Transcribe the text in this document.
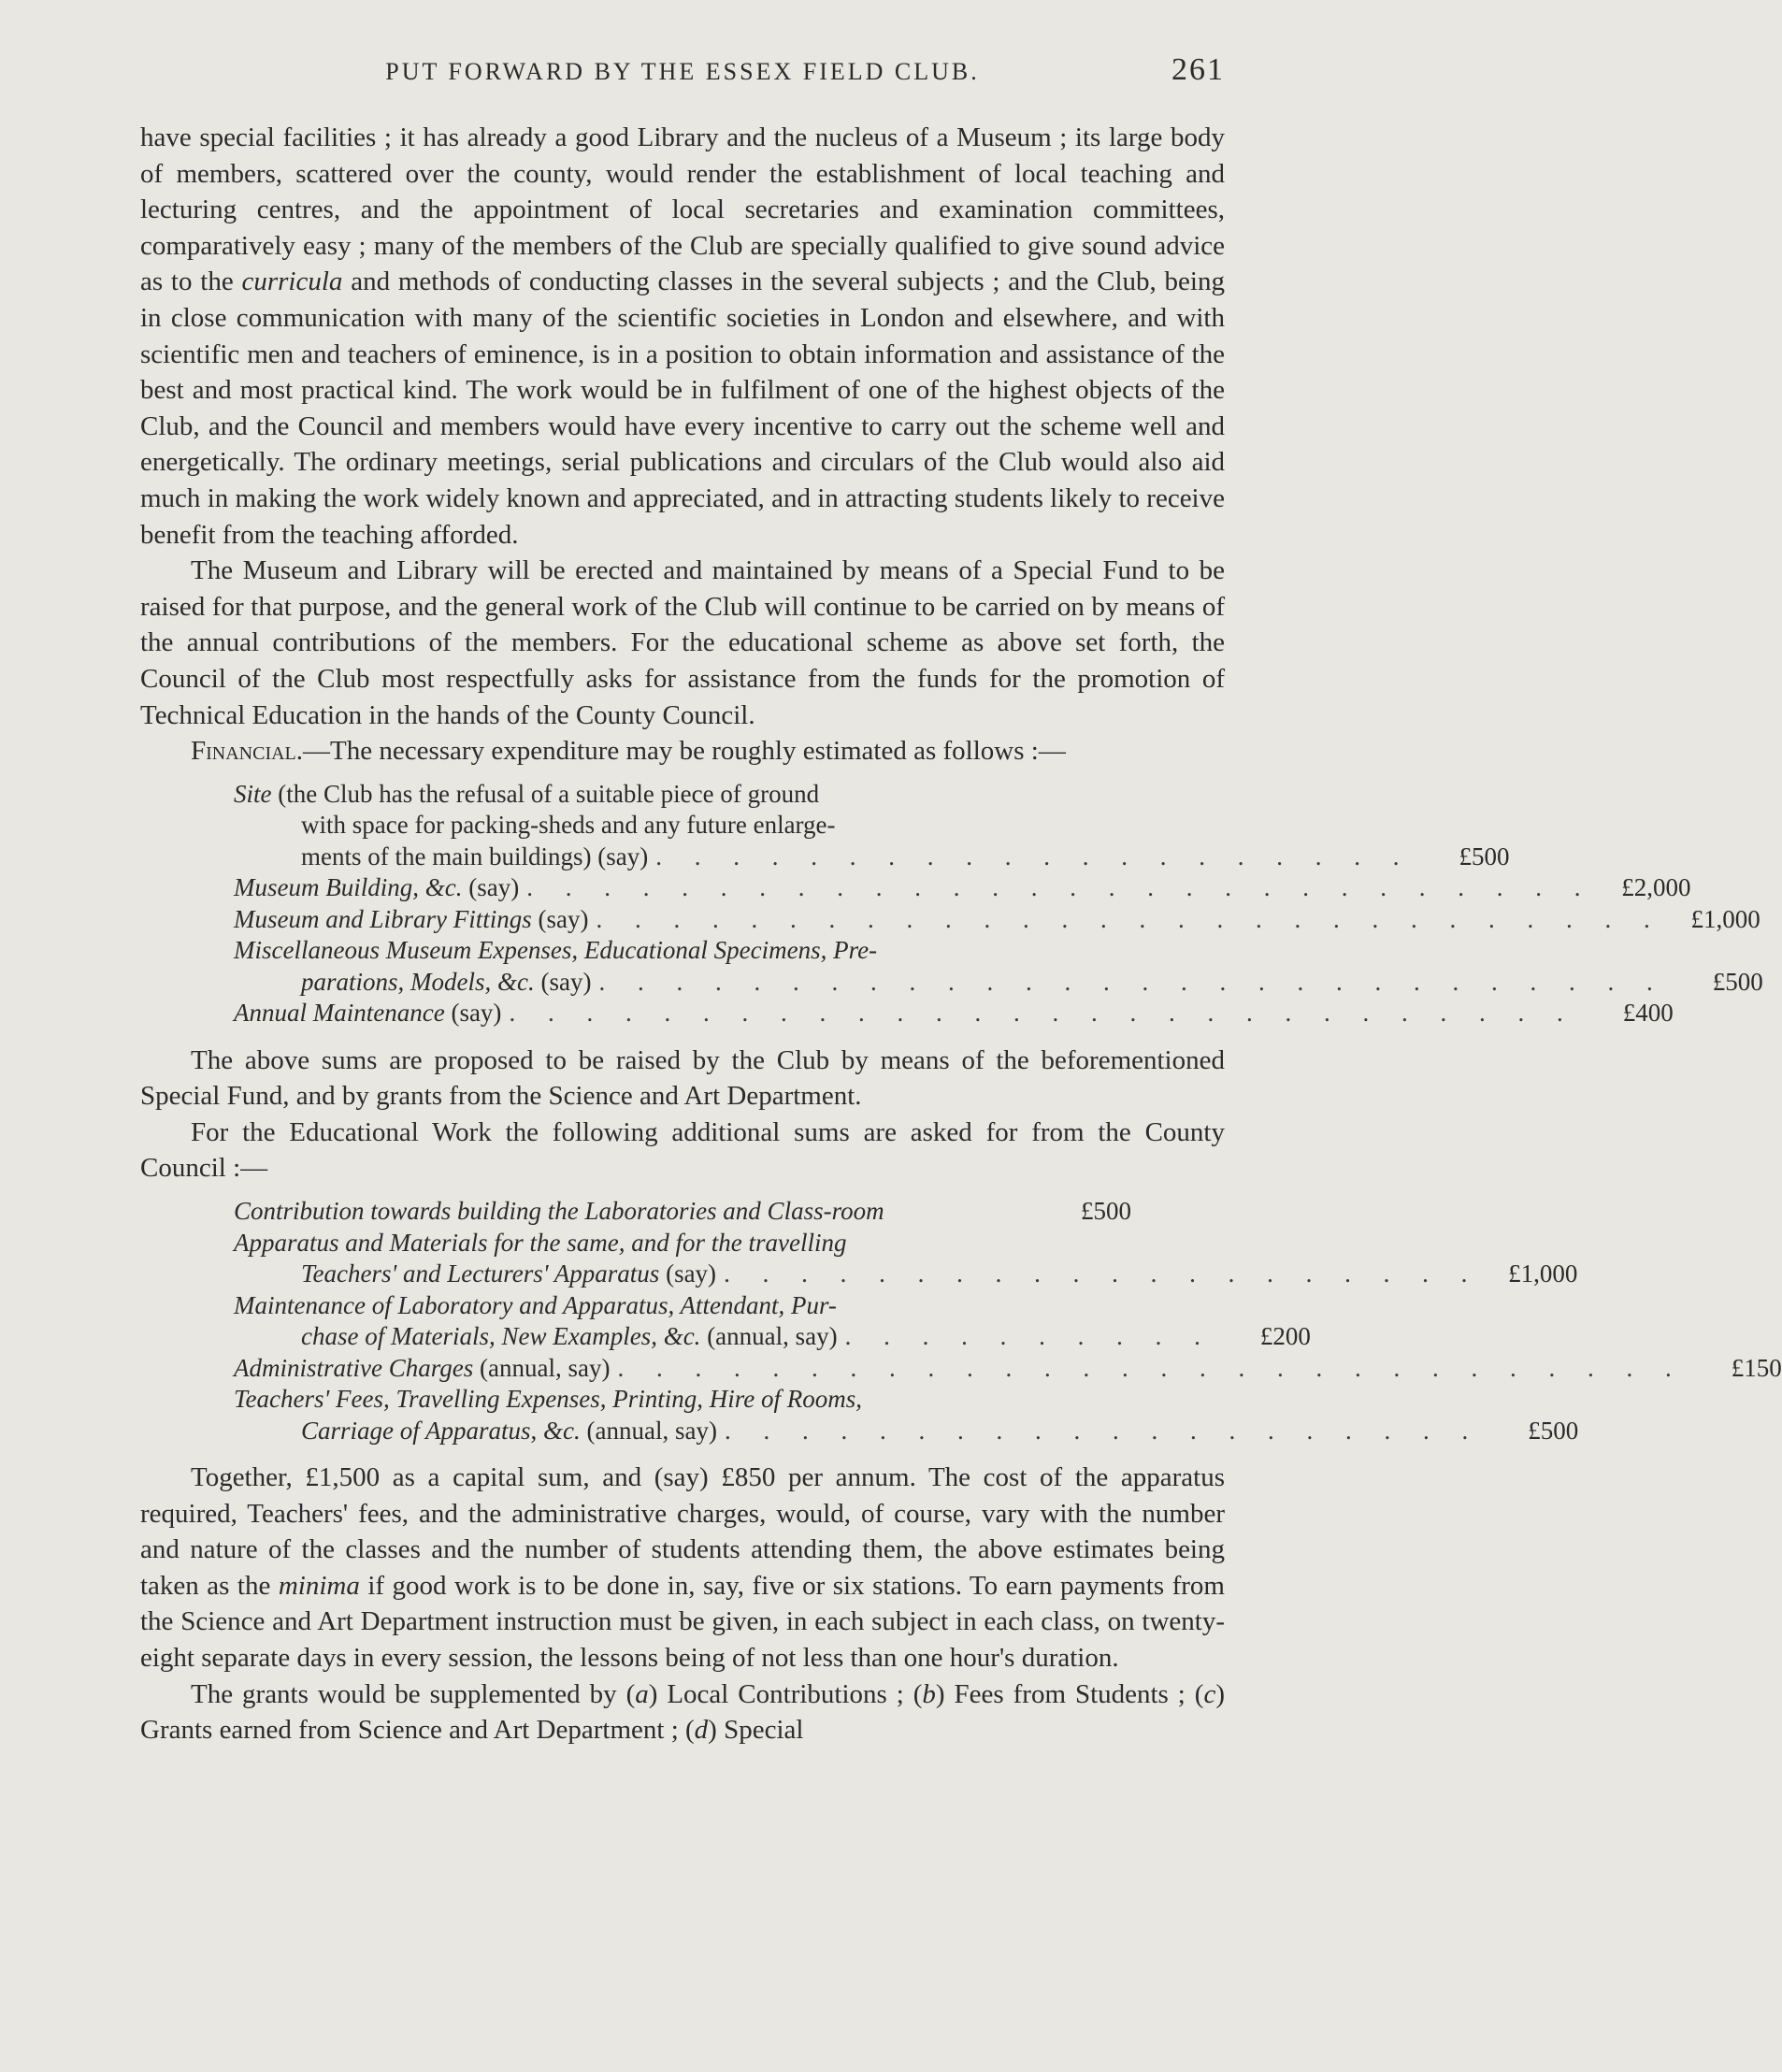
PUT FORWARD BY THE ESSEX FIELD CLUB.	261

have special facilities ; it has already a good Library and the nucleus of a Museum ; its large body of members, scattered over the county, would render the establishment of local teaching and lecturing centres, and the appointment of local secretaries and examination committees, comparatively easy ; many of the members of the Club are specially qualified to give sound advice as to the curricula and methods of conducting classes in the several subjects ; and the Club, being in close communication with many of the scientific societies in London and elsewhere, and with scientific men and teachers of eminence, is in a position to obtain information and assistance of the best and most practical kind. The work would be in fulfilment of one of the highest objects of the Club, and the Council and members would have every incentive to carry out the scheme well and energetically. The ordinary meetings, serial publications and circulars of the Club would also aid much in making the work widely known and appreciated, and in attracting students likely to receive benefit from the teaching afforded.

The Museum and Library will be erected and maintained by means of a Special Fund to be raised for that purpose, and the general work of the Club will continue to be carried on by means of the annual contributions of the members. For the educational scheme as above set forth, the Council of the Club most respectfully asks for assistance from the funds for the promotion of Technical Education in the hands of the County Council.

Financial.—The necessary expenditure may be roughly estimated as follows :—

Site (the Club has the refusal of a suitable piece of ground
with space for packing-sheds and any future enlarge-
ments of the main buildings) (say) . . . . . . . . . . . . . . . . . . . .	£500
Museum Building, &c. (say) . . . . . . . . . . . . . . . . . . . . . . . . . . . .	£2,000
Museum and Library Fittings (say) . . . . . . . . . . . . . . . . . . . . . . . . . . . .	£1,000
Miscellaneous Museum Expenses, Educational Specimens, Pre-
parations, Models, &c. (say) . . . . . . . . . . . . . . . . . . . . . . . . . . . .	£500
Annual Maintenance (say) . . . . . . . . . . . . . . . . . . . . . . . . . . . .	£400

The above sums are proposed to be raised by the Club by means of the beforementioned Special Fund, and by grants from the Science and Art Department.

For the Educational Work the following additional sums are asked for from the County Council :—

Contribution towards building the Laboratories and Class-room	£500
Apparatus and Materials for the same, and for the travelling
Teachers' and Lecturers' Apparatus (say) . . . . . . . . . . . . . . . . . . . .	£1,000
Maintenance of Laboratory and Apparatus, Attendant, Pur-
chase of Materials, New Examples, &c. (annual, say) . . . . . . . . . .	£200
Administrative Charges (annual, say) . . . . . . . . . . . . . . . . . . . . . . . . . . . .	£150
Teachers' Fees, Travelling Expenses, Printing, Hire of Rooms,
Carriage of Apparatus, &c. (annual, say) . . . . . . . . . . . . . . . . . . . .	£500

Together, £1,500 as a capital sum, and (say) £850 per annum. The cost of the apparatus required, Teachers' fees, and the administrative charges, would, of course, vary with the number and nature of the classes and the number of students attending them, the above estimates being taken as the minima if good work is to be done in, say, five or six stations. To earn payments from the Science and Art Department instruction must be given, in each subject in each class, on twenty-eight separate days in every session, the lessons being of not less than one hour's duration.

The grants would be supplemented by (a) Local Contributions ; (b) Fees from Students ; (c) Grants earned from Science and Art Department ; (d) Special
